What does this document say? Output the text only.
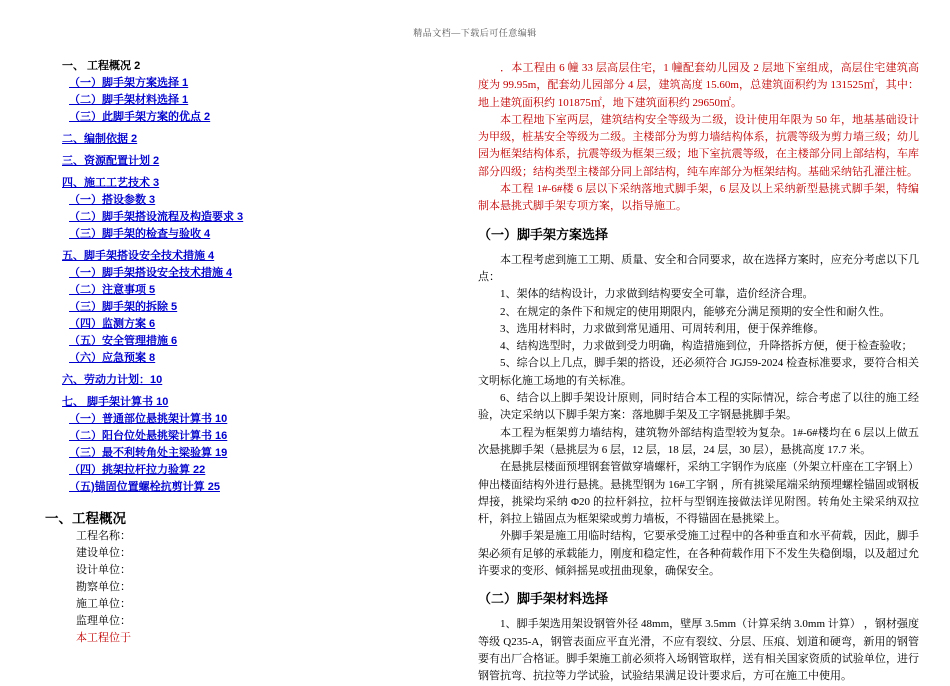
精品文档—下载后可任意编辑
一、 工程概况 2
（一）脚手架方案选择 1
（二）脚手架材料选择 1
（三）此脚手架方案的优点 2
二、编制依据 2
三、资源配置计划 2
四、施工工艺技术 3
（一）搭设参数 3
（二）脚手架搭设流程及构造要求 3
（三）脚手架的检查与验收 4
五、脚手架搭设安全技术措施 4
（一）脚手架搭设安全技术措施 4
（二）注意事项 5
（三）脚手架的拆除 5
（四）监测方案 6
（五）安全管理措施 6
（六）应急预案 8
六、劳动力计划：10
七、 脚手架计算书 10
（一）普通部位悬挑架计算书 10
（二）阳台位处悬挑梁计算书 16
（三）最不利转角处主梁验算 19
（四）挑架拉杆拉力验算 22
（五)锚固位置螺栓抗剪计算 25
一、工程概况
工程名称：
建设单位：
设计单位：
勘察单位：
施工单位：
监理单位：
本工程位于
．本工程由 6 幢 33 层高层住宅，1 幢配套幼儿园及 2 层地下室组成，高层住宅建筑高度为 99.95m，配套幼儿园部分 4 层，建筑高度 15.60m，总建筑面积约为 131525㎡，其中：地上建筑面积约 101875㎡，地下建筑面积约 29650㎡。
本工程地下室两层，建筑结构安全等级为二级，设计使用年限为 50 年，地基基础设计为甲级，桩基安全等级为二级。主楼部分为剪力墙结构体系，抗震等级为剪力墙三级；幼儿园为框架结构体系，抗震等级为框架三级；地下室抗震等级，在主楼部分同上部结构，车库部分四级；结构类型主楼部分同上部结构，纯车库部分为框架结构。基础采纳钻孔灌注桩。
本工程 1#-6#楼 6 层以下采纳落地式脚手架，6 层及以上采纳新型悬挑式脚手架，特编制本悬挑式脚手架专项方案，以指导施工。
（一）脚手架方案选择
本工程考虑到施工工期、质量、安全和合同要求，故在选择方案时，应充分考虑以下几点：
1、架体的结构设计，力求做到结构要安全可靠，造价经济合理。
2、在规定的条件下和规定的使用期限内，能够充分满足预期的安全性和耐久性。
3、选用材料时，力求做到常见通用、可周转利用，便于保养维修。
4、结构选型时，力求做到受力明确，构造措施到位，升降搭拆方便，便于检查验收；
5、综合以上几点，脚手架的搭设，还必须符合 JGJ59-2024 检查标准要求，要符合相关文明标化施工场地的有关标准。
6、结合以上脚手架设计原则，同时结合本工程的实际情况，综合考虑了以往的施工经验，决定采纳以下脚手架方案：落地脚手架及工字钢悬挑脚手架。
本工程为框架剪力墙结构，建筑物外部结构造型较为复杂。1#-6#楼均在 6 层以上做五次悬挑脚手架（悬挑层为 6 层，12 层，18 层，24 层，30 层），悬挑高度 17.7 米。
在悬挑层楼面预埋钢套管做穿墙螺杆，采纳工字钢作为底座（外架立杆座在工字钢上）伸出楼面结构外进行悬挑。悬挑型钢为 16#工字钢 ，所有挑梁尾端采纳预埋螺栓锚固或钢板焊接，挑梁均采纳 Φ20 的拉杆斜拉，拉杆与型钢连接做法详见附图。转角处主梁采纳双拉杆，斜拉上锚固点为框架梁或剪力墙板，不得锚固在悬挑梁上。
外脚手架是施工用临时结构，它要承受施工过程中的各种垂直和水平荷载，因此，脚手架必须有足够的承载能力，刚度和稳定性，在各种荷载作用下不发生失稳倒塌，以及超过允许要求的变形、倾斜摇晃或扭曲现象，确保安全。
（二）脚手架材料选择
1、脚手架选用架设钢管外径 48mm，壁厚 3.5mm（计算采纳 3.0mm 计算） ，钢材强度等级 Q235-A，钢管表面应平直光滑，不应有裂纹、分层、压痕、划道和硬弯，新用的钢管要有出厂合格证。脚手架施工前必须将入场钢管取样，送有相关国家资质的试验单位，进行钢管抗弯、抗拉等力学试验，试验结果满足设计要求后，方可在施工中使用。
